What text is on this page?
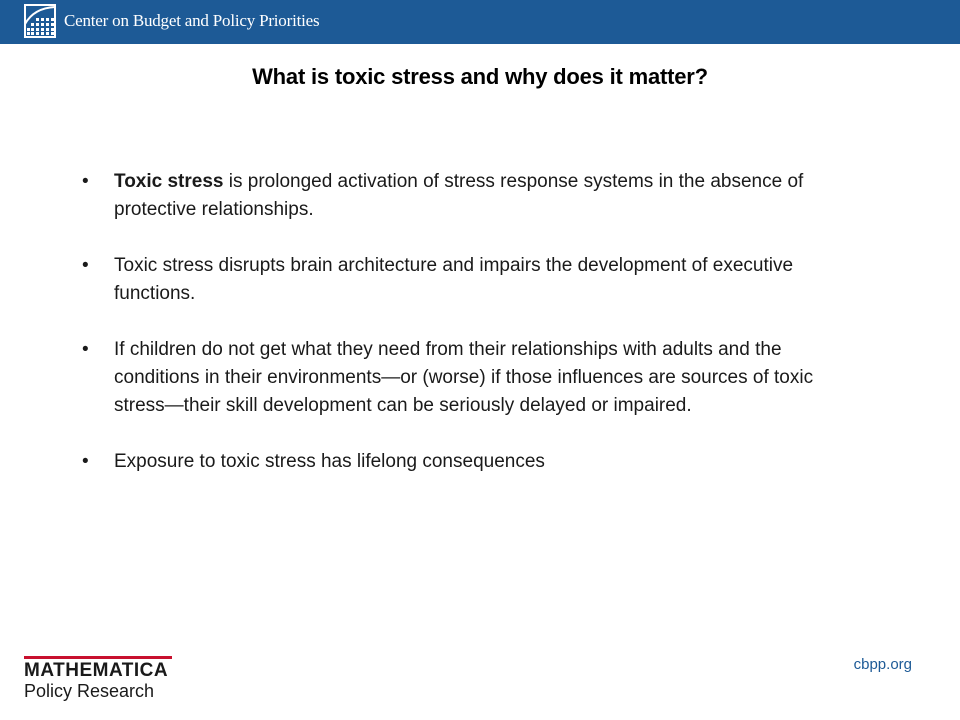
Center on Budget and Policy Priorities
What is toxic stress and why does it matter?
• Toxic stress is prolonged activation of stress response systems in the absence of protective relationships.
• Toxic stress disrupts brain architecture and impairs the development of executive functions.
• If children do not get what they need from their relationships with adults and the conditions in their environments—or (worse) if those influences are sources of toxic stress—their skill development can be seriously delayed or impaired.
• Exposure to toxic stress has lifelong consequences
MATHEMATICA
Policy Research
cbpp.org
